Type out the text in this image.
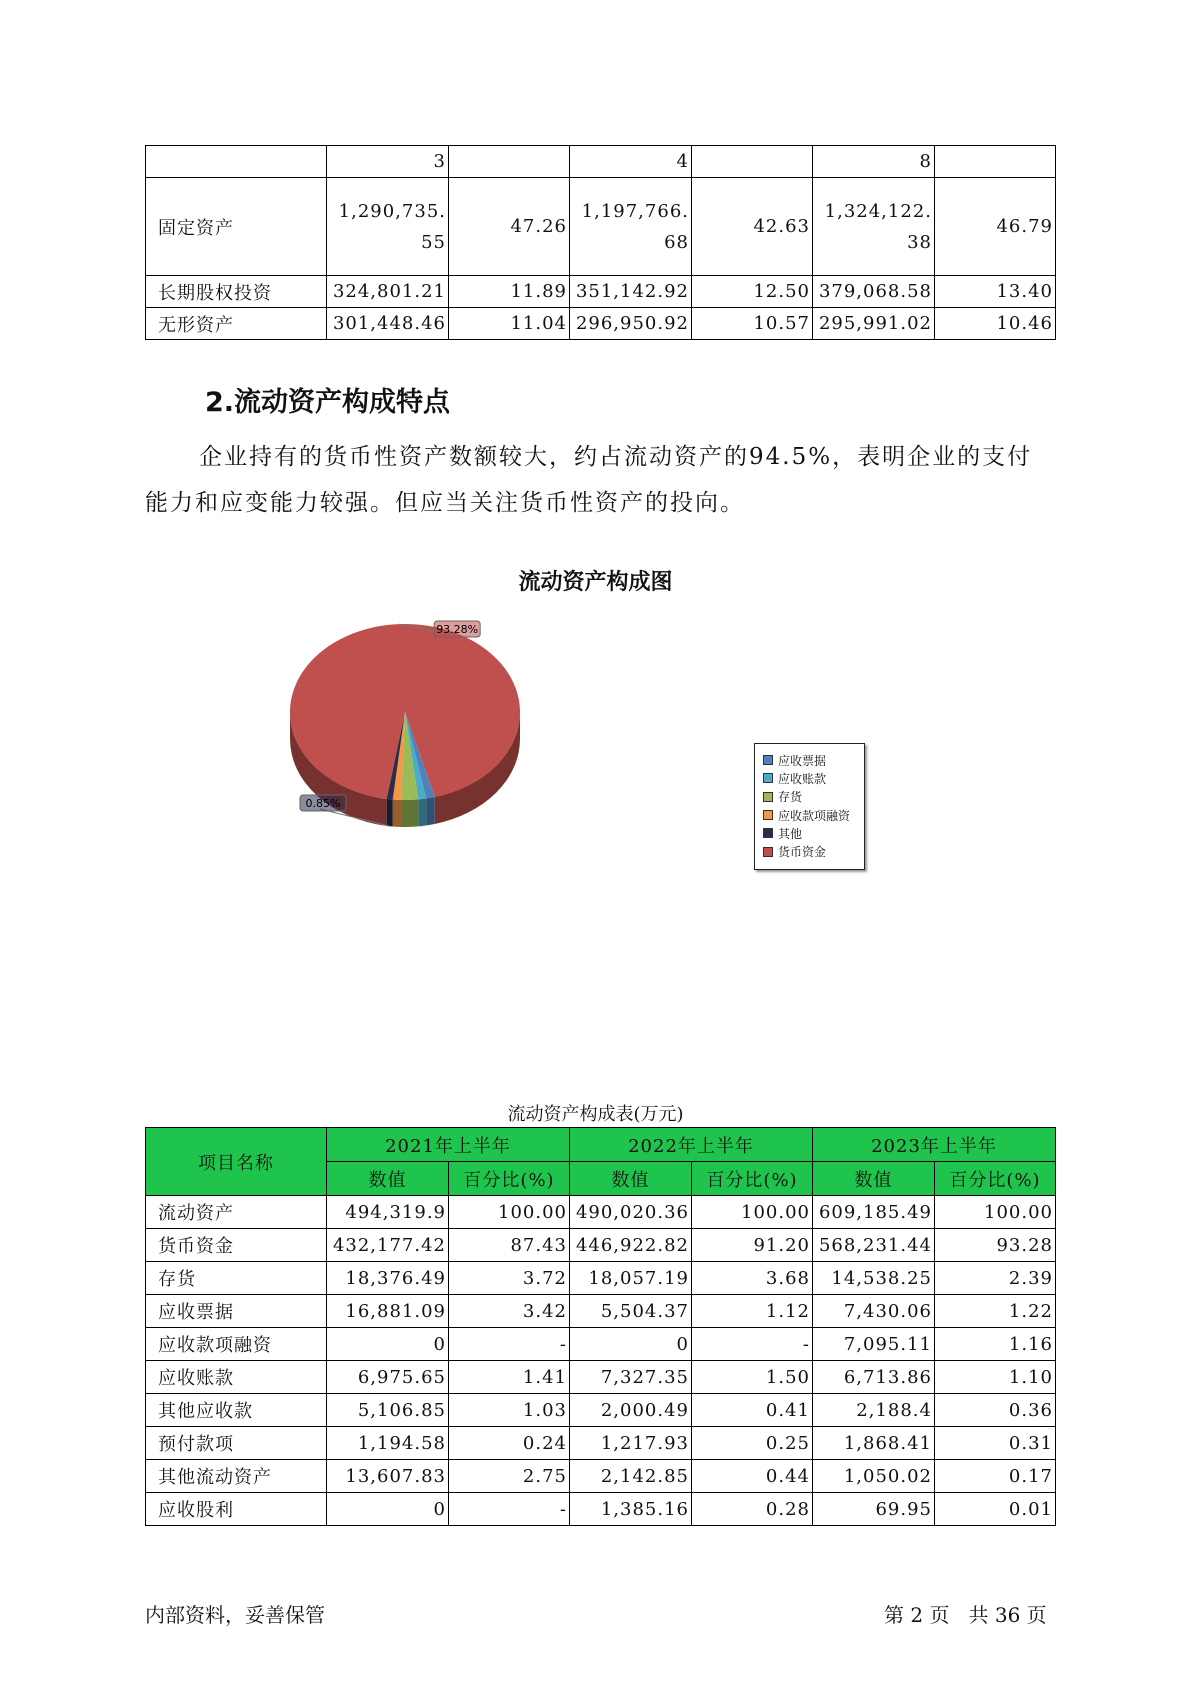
	3		4		8	
固定资产	1,290,735.55	47.26	1,197,766.68	42.63	1,324,122.38	46.79
长期股权投资	324,801.21	11.89	351,142.92	12.50	379,068.58	13.40
无形资产	301,448.46	11.04	296,950.92	10.57	295,991.02	10.46
2.流动资产构成特点

企业持有的货币性资产数额较大，约占流动资产的94.5%，表明企业的支付能力和应变能力较强。但应当关注货币性资产的投向。

流动资产构成图
0.85%
93.28%
应收票据
应收账款
存货
应收款项融资
其他
货币资金
流动资产构成表(万元)
项目名称	2021年上半年		2022年上半年		2023年上半年	
	数值	百分比(%)	数值	百分比(%)	数值	百分比(%)
流动资产	494,319.9	100.00	490,020.36	100.00	609,185.49	100.00
货币资金	432,177.42	87.43	446,922.82	91.20	568,231.44	93.28
存货	18,376.49	3.72	18,057.19	3.68	14,538.25	2.39
应收票据	16,881.09	3.42	5,504.37	1.12	7,430.06	1.22
应收款项融资	0	-	0	-	7,095.11	1.16
应收账款	6,975.65	1.41	7,327.35	1.50	6,713.86	1.10
其他应收款	5,106.85	1.03	2,000.49	0.41	2,188.4	0.36
预付款项	1,194.58	0.24	1,217.93	0.25	1,868.41	0.31
其他流动资产	13,607.83	2.75	2,142.85	0.44	1,050.02	0.17
应收股利	0	-	1,385.16	0.28	69.95	0.01
内部资料，妥善保管	第 2 页   共 36 页
